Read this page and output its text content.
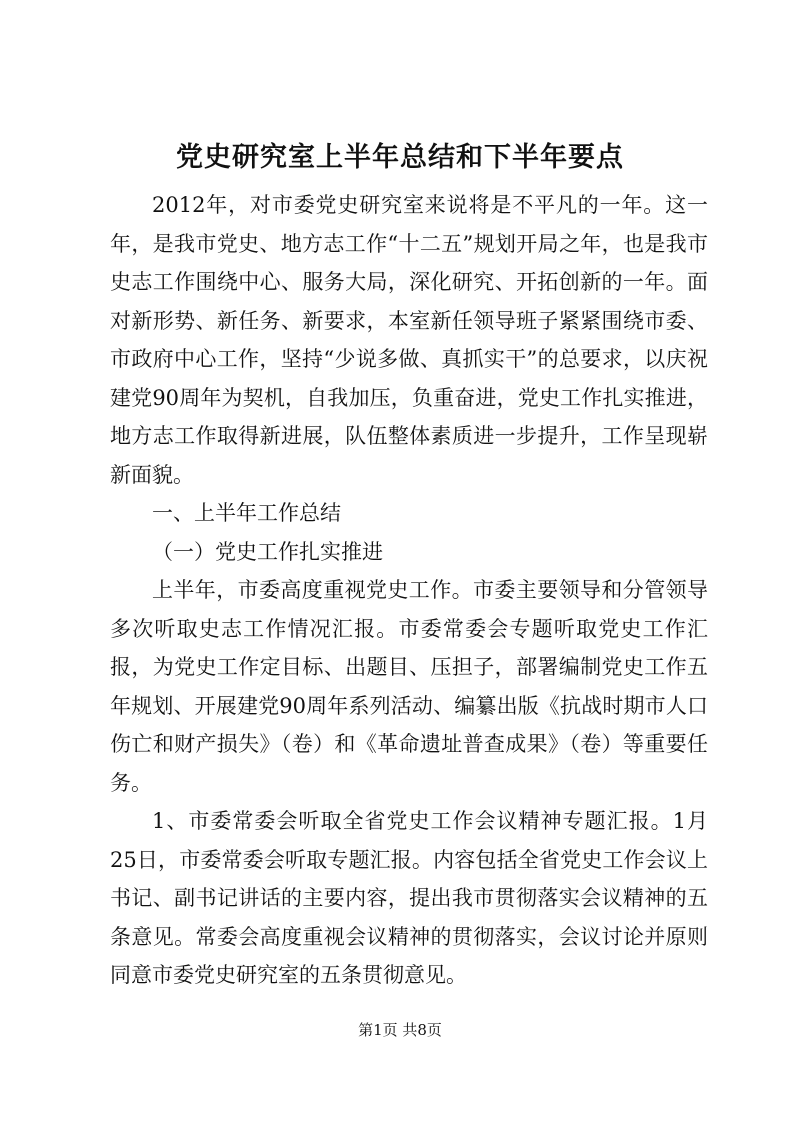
党史研究室上半年总结和下半年要点

2012年，对市委党史研究室来说将是不平凡的一年。这一年，是我市党史、地方志工作“十二五”规划开局之年，也是我市史志工作围绕中心、服务大局，深化研究、开拓创新的一年。面对新形势、新任务、新要求，本室新任领导班子紧紧围绕市委、市政府中心工作，坚持“少说多做、真抓实干”的总要求，以庆祝建党90周年为契机，自我加压，负重奋进，党史工作扎实推进，地方志工作取得新进展，队伍整体素质进一步提升，工作呈现崭新面貌。

一、上半年工作总结

（一）党史工作扎实推进

上半年，市委高度重视党史工作。市委主要领导和分管领导多次听取史志工作情况汇报。市委常委会专题听取党史工作汇报，为党史工作定目标、出题目、压担子，部署编制党史工作五年规划、开展建党90周年系列活动、编纂出版《抗战时期市人口伤亡和财产损失》（卷）和《革命遗址普查成果》（卷）等重要任务。

1、市委常委会听取全省党史工作会议精神专题汇报。1月25日，市委常委会听取专题汇报。内容包括全省党史工作会议上书记、副书记讲话的主要内容，提出我市贯彻落实会议精神的五条意见。常委会高度重视会议精神的贯彻落实，会议讨论并原则同意市委党史研究室的五条贯彻意见。

第1页 共8页
